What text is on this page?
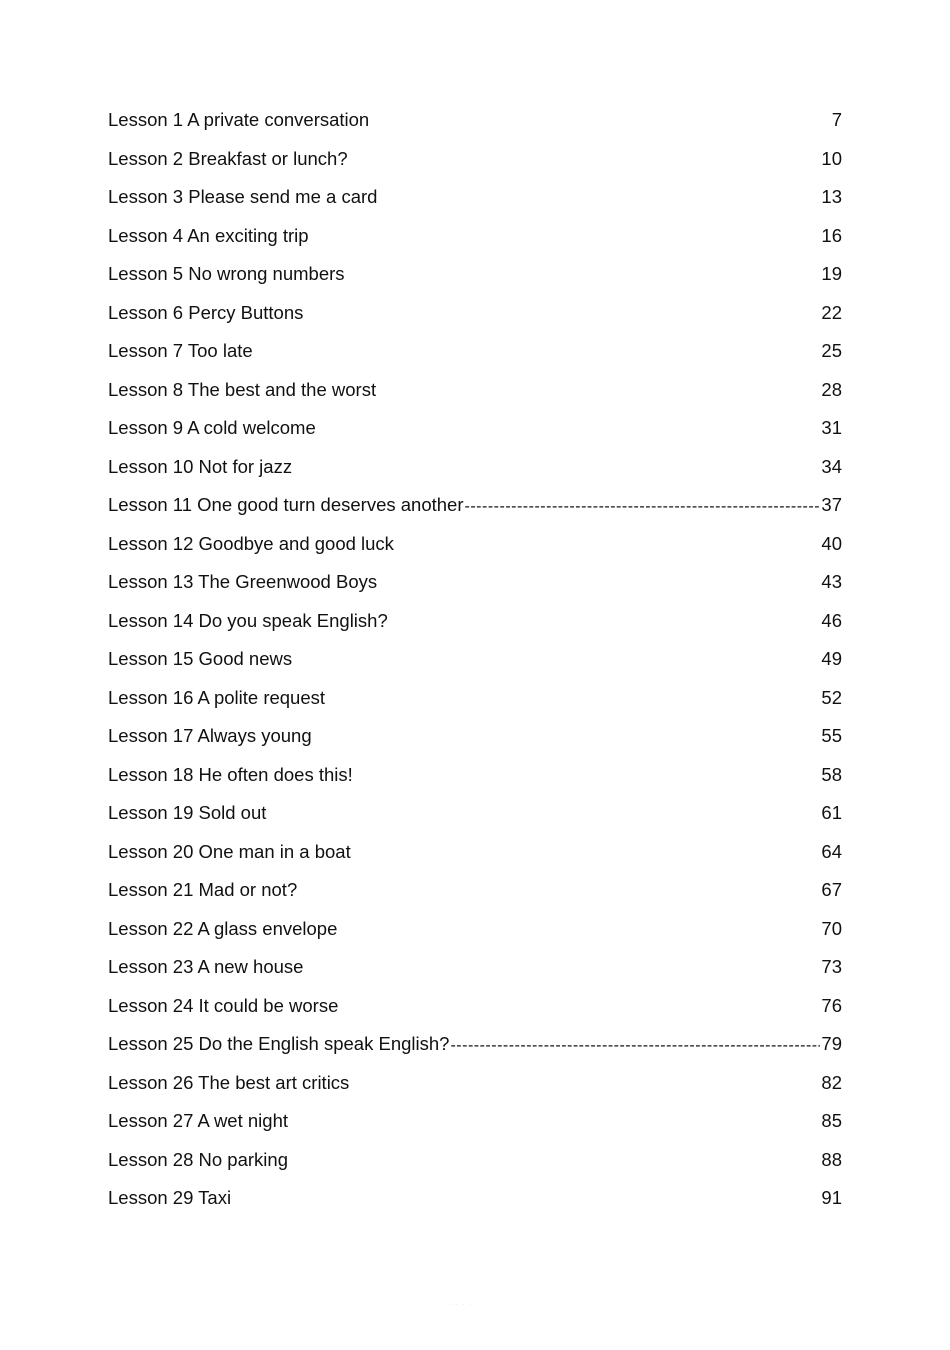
Lesson 1 A private conversation	7
Lesson 2 Breakfast or lunch?	10
Lesson 3 Please send me a card	13
Lesson 4 An exciting trip	16
Lesson 5 No wrong numbers	19
Lesson 6 Percy Buttons	22
Lesson 7 Too late	25
Lesson 8 The best and the worst	28
Lesson 9 A cold welcome	31
Lesson 10 Not for jazz	34
Lesson 11 One good turn deserves another -----	37
Lesson 12 Goodbye and good luck	40
Lesson 13 The Greenwood Boys	43
Lesson 14 Do you speak English?	46
Lesson 15 Good news	49
Lesson 16 A polite request	52
Lesson 17 Always young	55
Lesson 18 He often does this!	58
Lesson 19 Sold out	61
Lesson 20 One man in a boat	64
Lesson 21 Mad or not?	67
Lesson 22 A glass envelope	70
Lesson 23 A new house	73
Lesson 24 It could be worse	76
Lesson 25 Do the English speak English? -----	79
Lesson 26 The best art critics	82
Lesson 27 A wet night	85
Lesson 28 No parking	88
Lesson 29 Taxi	91
· · · ·
